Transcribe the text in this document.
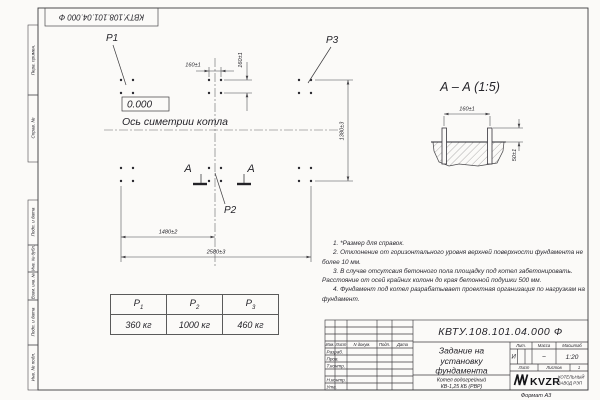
Перв. примен.
Справ. №
Подп. и дата
Инв. № дубл.
Взам. инв. №
Подп. и дата
Инв. № подл.
КВТУ.108.101.04.000 Ф
P1	P3
P2
0.000
Ось симетрии котла
160±1	160±1
1380±3
1480±2
2580±3
А	А
А – А (1:5)
160±1
50±1
КВТУ.108.101.04.000 Ф
Изм. Лист N докум. Подп. Дата
Разраб.
Пров.
Т.контр.
Н.контр.
Утв.
Задание на
установку
фундамента
Котел водогрейный
КВ-1,25 КБ (РВР)
Лит.	Масса	Масштаб
И	–	1:20
Лист	Листов	1
KVZR
КОТЕЛЬНЫЙ
ЗАВОД РЭП
Формат А3

1. *Размер для справок.

2. Отклонение от горизонтального уровня верхней поверхности фундамента не более 10 мм.

3. В случае отсутсвия бетонного пола площадку под котел забетонировать. Расстояние от осей крайних колонн до края бетонной подушки 500 мм.

4. Фундамент под котел разрабатывает проектная организация по нагрузкам на фундамент.

$P_1$	$P_2$	$P_3$
360 кг	1000 кг	460 кг
